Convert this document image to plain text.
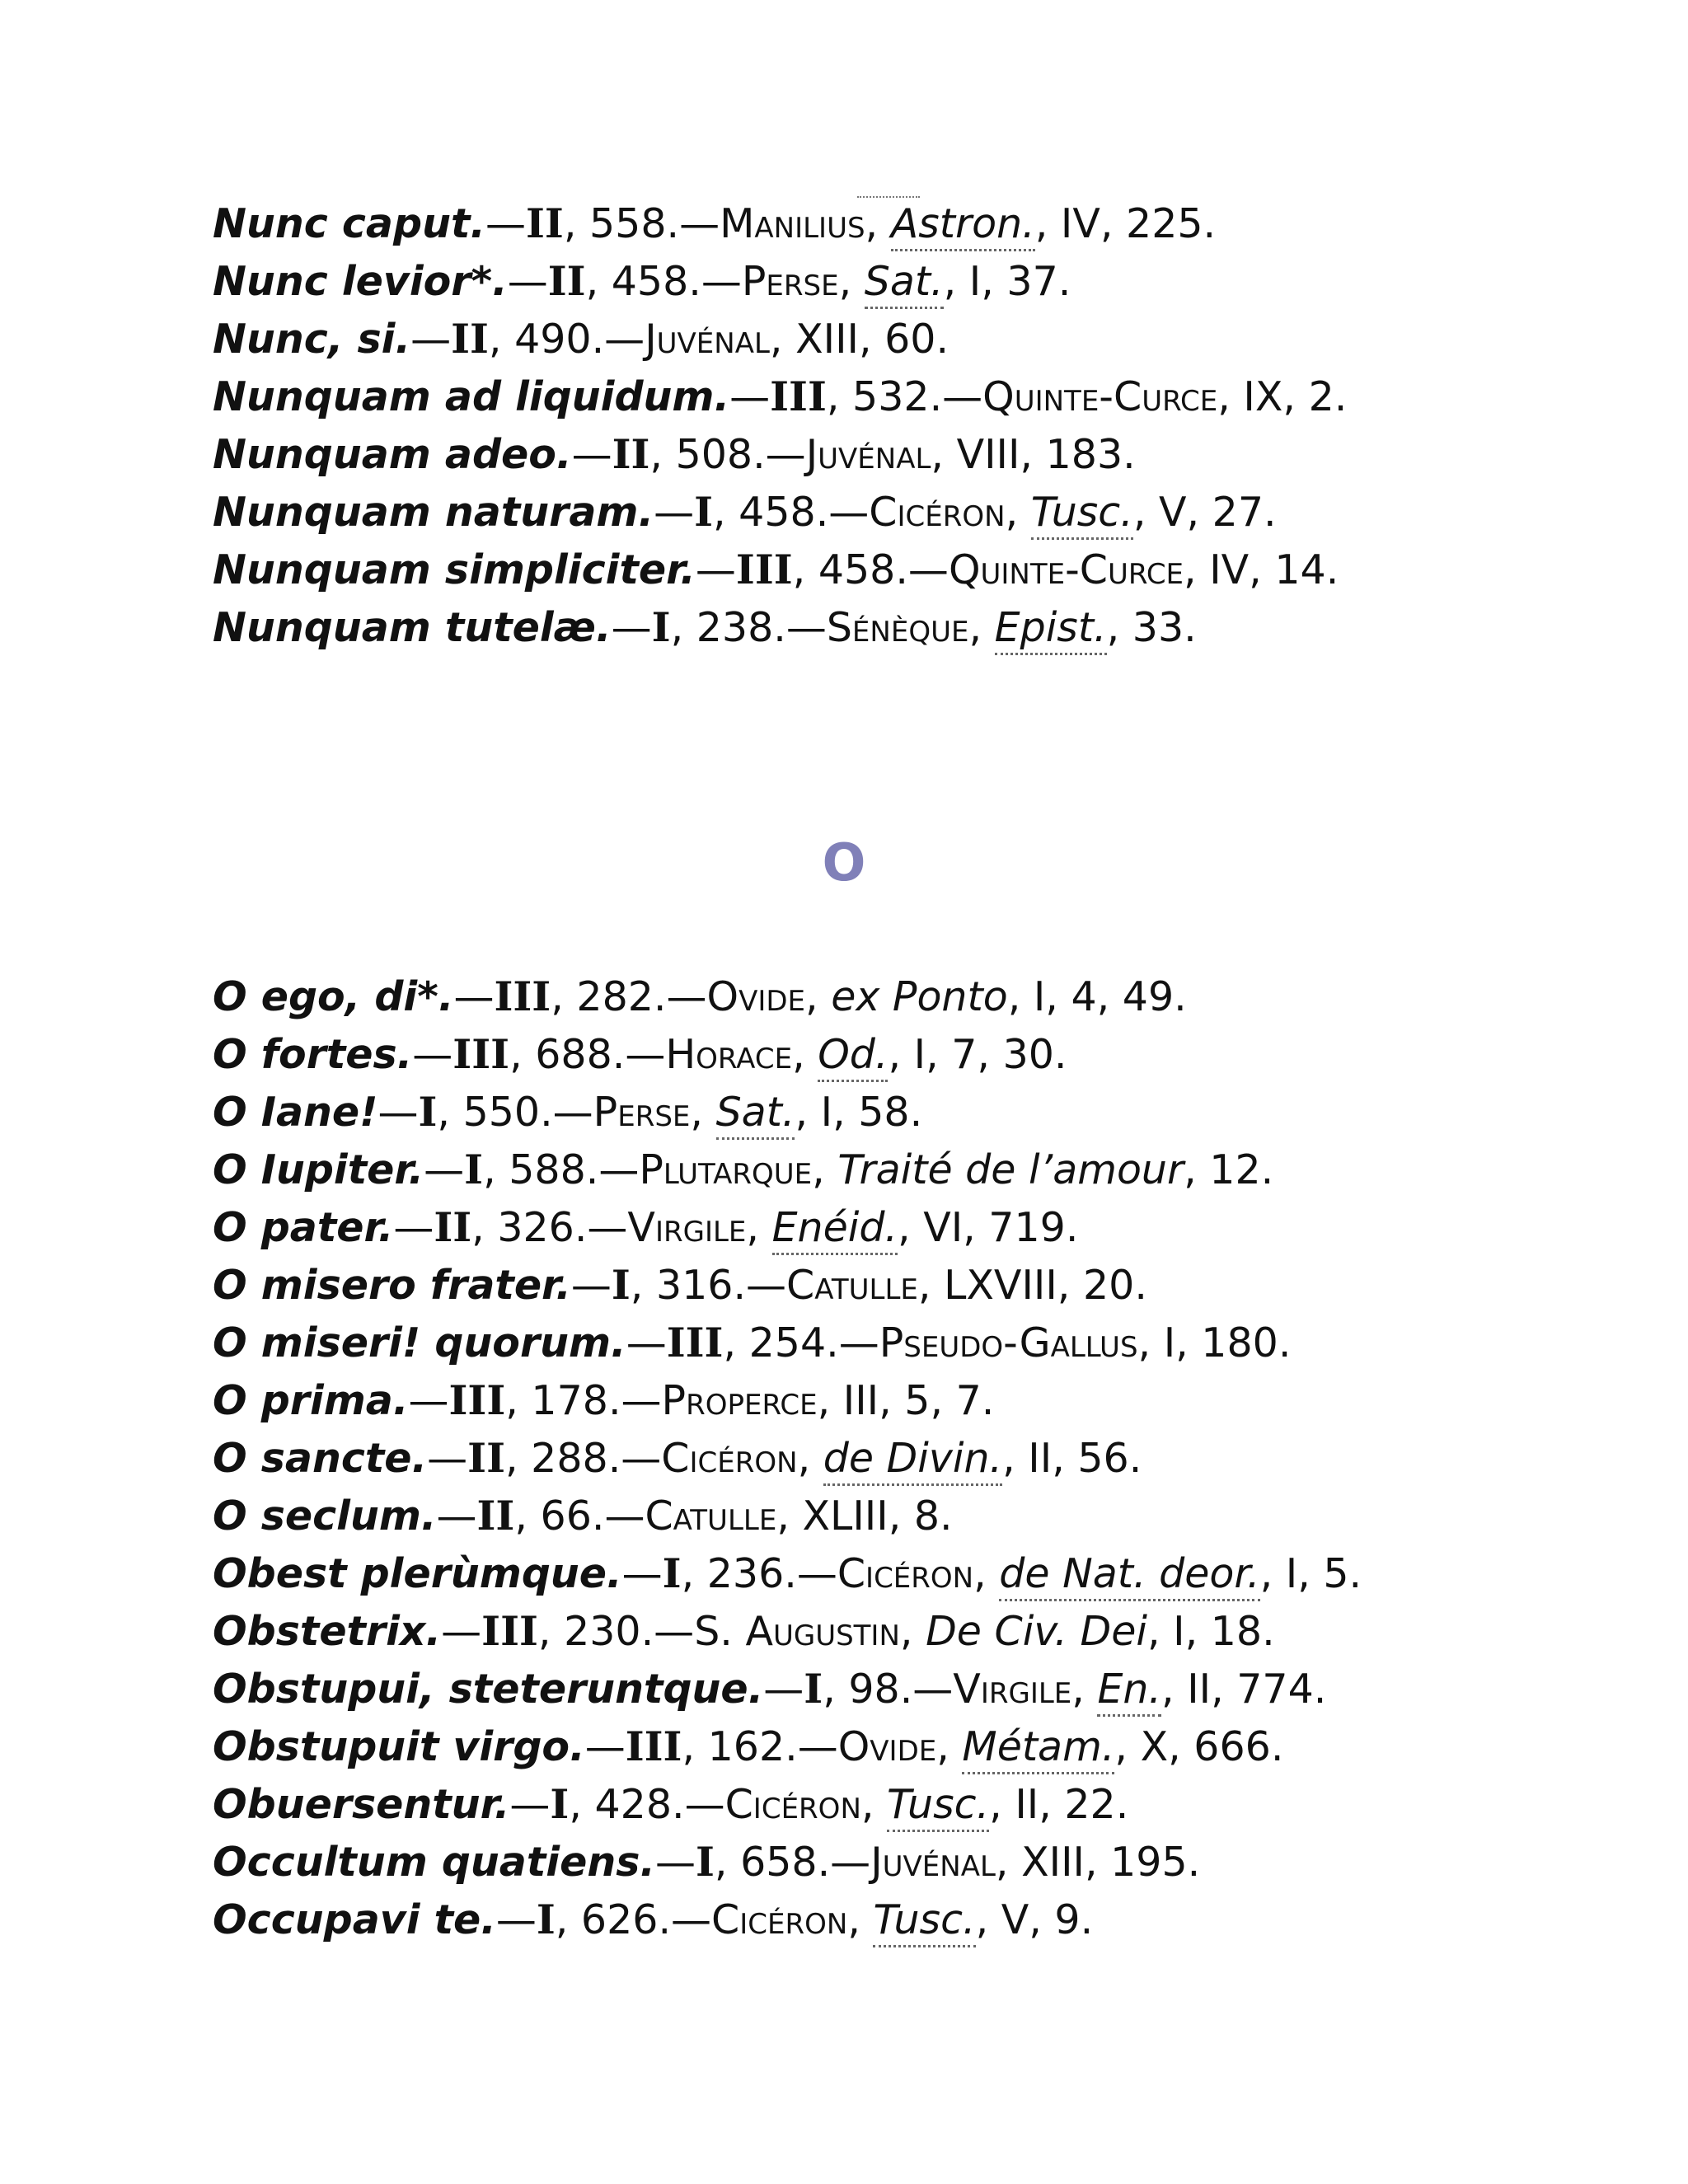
Nunc caput.—II, 558.—Manilius, Astron., IV, 225.
Nunc levior*.—II, 458.—Perse, Sat., I, 37.
Nunc, si.—II, 490.—Juvénal, XIII, 60.
Nunquam ad liquidum.—III, 532.—Quinte-Curce, IX, 2.
Nunquam adeo.—II, 508.—Juvénal, VIII, 183.
Nunquam naturam.—I, 458.—Cicéron, Tusc., V, 27.
Nunquam simpliciter.—III, 458.—Quinte-Curce, IV, 14.
Nunquam tutelæ.—I, 238.—Sénèque, Epist., 33.
O
O ego, di*.—III, 282.—Ovide, ex Ponto, I, 4, 49.
O fortes.—III, 688.—Horace, Od., I, 7, 30.
O Iane!—I, 550.—Perse, Sat., I, 58.
O Iupiter.—I, 588.—Plutarque, Traité de l’amour, 12.
O pater.—II, 326.—Virgile, Enéid., VI, 719.
O misero frater.—I, 316.—Catulle, LXVIII, 20.
O miseri! quorum.—III, 254.—Pseudo-Gallus, I, 180.
O prima.—III, 178.—Properce, III, 5, 7.
O sancte.—II, 288.—Cicéron, de Divin., II, 56.
O seclum.—II, 66.—Catulle, XLIII, 8.
Obest plerùmque.—I, 236.—Cicéron, de Nat. deor., I, 5.
Obstetrix.—III, 230.—S. Augustin, De Civ. Dei, I, 18.
Obstupui, steteruntque.—I, 98.—Virgile, En., II, 774.
Obstupuit virgo.—III, 162.—Ovide, Métam., X, 666.
Obuersentur.—I, 428.—Cicéron, Tusc., II, 22.
Occultum quatiens.—I, 658.—Juvénal, XIII, 195.
Occupavi te.—I, 626.—Cicéron, Tusc., V, 9.
